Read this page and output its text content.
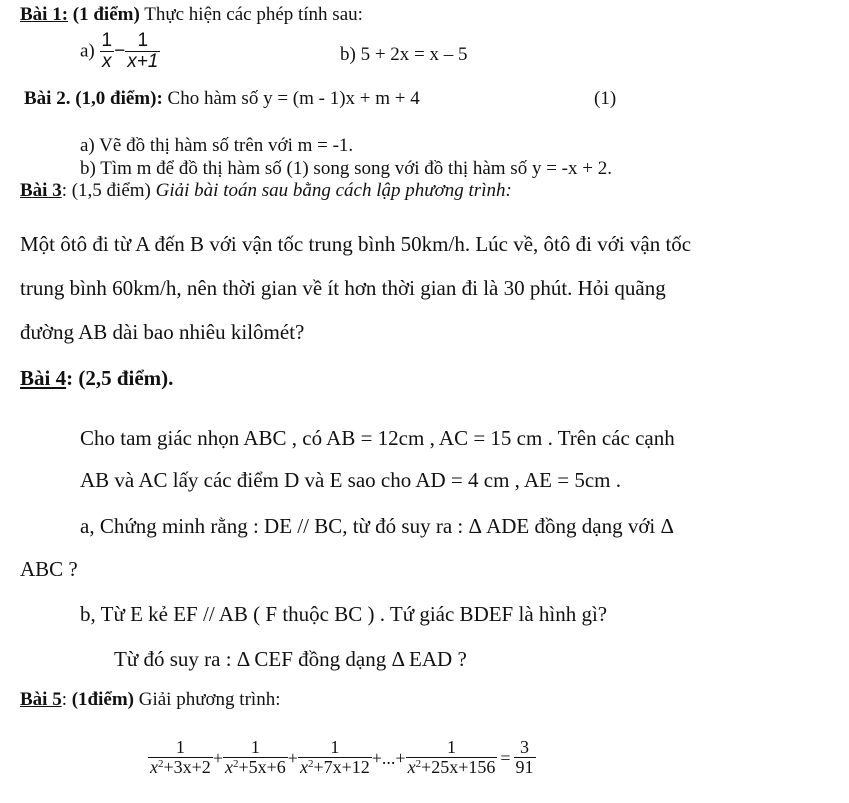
Bài 1: (1 điểm) Thực hiện các phép tính sau:
$a) \frac{1}{x} - \frac{1}{x+1}$	b) 5 + 2x = x – 5
Bài 2. (1,0 điểm): Cho hàm số y = (m - 1)x + m + 4	(1)
a) Vẽ đồ thị hàm số trên với m = -1.
b) Tìm m để đồ thị hàm số (1) song song với đồ thị hàm số y = -x + 2.
Bài 3: (1,5 điểm) Giải bài toán sau bằng cách lập phương trình:
Một ôtô đi từ A đến B với vận tốc trung bình 50km/h. Lúc về, ôtô đi với vận tốc
trung bình 60km/h, nên thời gian về ít hơn thời gian đi là 30 phút. Hỏi quãng
đường AB dài bao nhiêu kilômét?
Bài 4: (2,5 điểm).
Cho tam giác nhọn ABC , có AB = 12cm , AC = 15 cm . Trên các cạnh
AB và AC lấy các điểm D và E sao cho AD = 4 cm , AE = 5cm .
a, Chứng minh rằng : DE // BC, từ đó suy ra : Δ ADE đồng dạng với Δ
ABC ?
b, Từ E kẻ EF // AB ( F thuộc BC ) . Tứ giác BDEF là hình gì?
Từ đó suy ra : Δ CEF đồng dạng Δ EAD ?
Bài 5: (1điểm) Giải phương trình:
$\frac{1}{x^2+3x+2} + \frac{1}{x^2+5x+6} + \frac{1}{x^2+7x+12}$ +...+ $\frac{1}{x^2+25x+156} = \frac{3}{91}$
